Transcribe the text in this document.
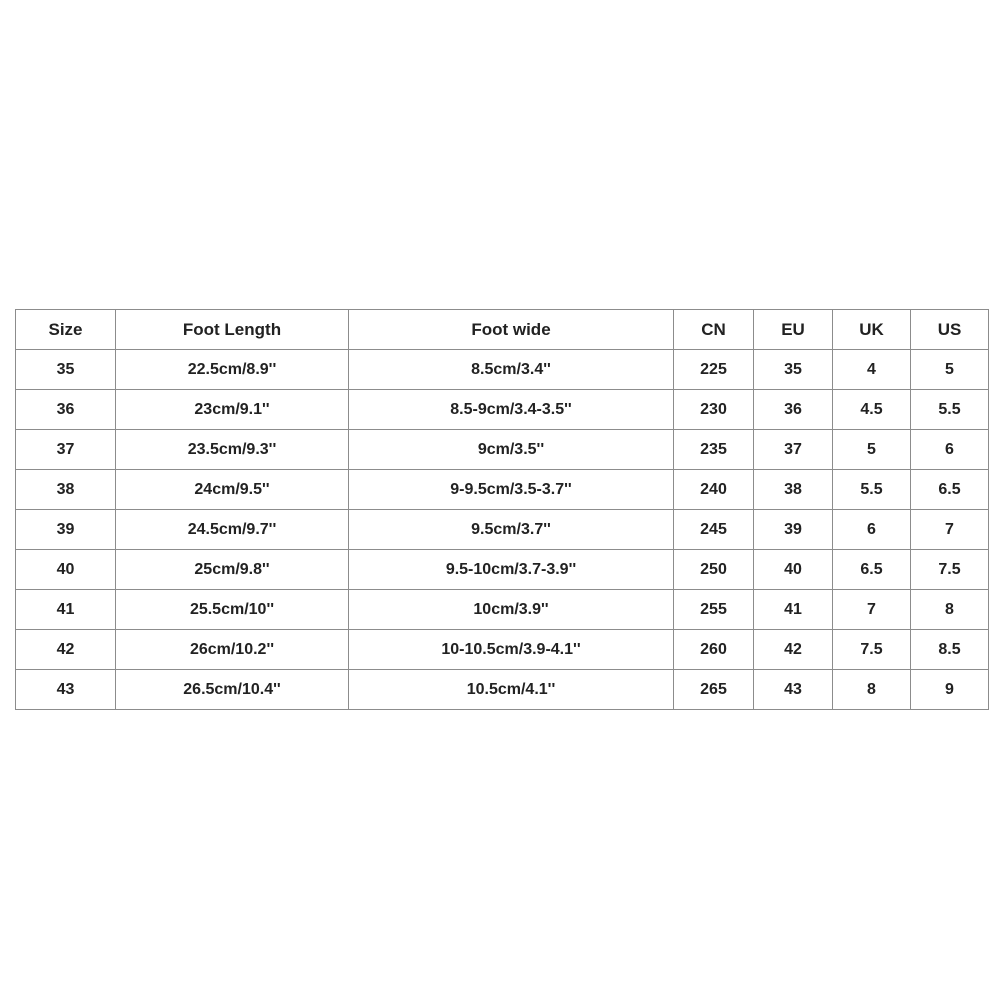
Size	Foot Length	Foot wide	CN	EU	UK	US
35	22.5cm/8.9''	8.5cm/3.4''	225	35	4	5
36	23cm/9.1''	8.5-9cm/3.4-3.5''	230	36	4.5	5.5
37	23.5cm/9.3''	9cm/3.5''	235	37	5	6
38	24cm/9.5''	9-9.5cm/3.5-3.7''	240	38	5.5	6.5
39	24.5cm/9.7''	9.5cm/3.7''	245	39	6	7
40	25cm/9.8''	9.5-10cm/3.7-3.9''	250	40	6.5	7.5
41	25.5cm/10''	10cm/3.9''	255	41	7	8
42	26cm/10.2''	10-10.5cm/3.9-4.1''	260	42	7.5	8.5
43	26.5cm/10.4''	10.5cm/4.1''	265	43	8	9
